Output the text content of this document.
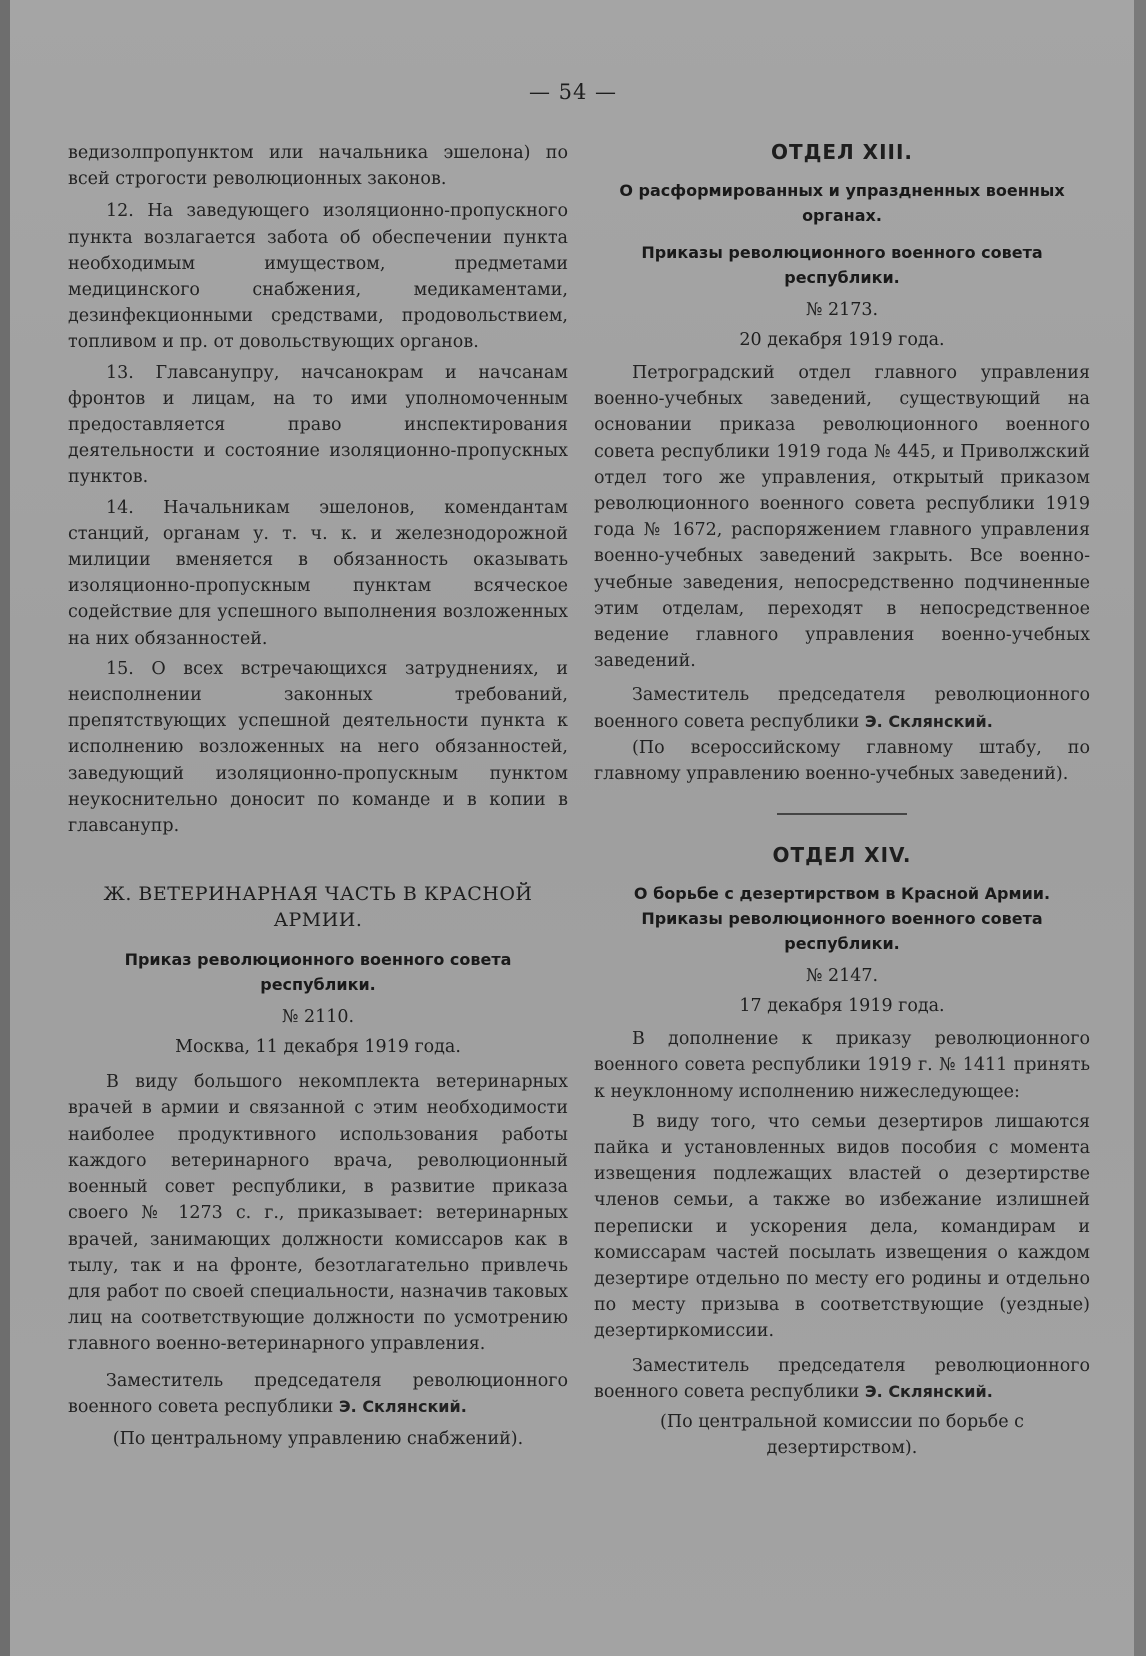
— 54 —

ведизолпропунктом или начальника эшелона) по всей строгости революционных законов.

12. На заведующего изоляционно-пропускного пункта возлагается забота об обеспечении пункта необходимым имуществом, предметами медицинского снабжения, медикаментами, дезинфекционными средствами, продовольствием, топливом и пр. от довольствующих органов.

13. Главсанупру, начсанокрам и начсанам фронтов и лицам, на то ими уполномоченным предоставляется право инспектирования деятельности и состояние изоляционно-пропускных пунктов.

14. Начальникам эшелонов, комендантам станций, органам у. т. ч. к. и железнодорожной милиции вменяется в обязанность оказывать изоляционно-пропускным пунктам всяческое содействие для успешного выполнения возложенных на них обязанностей.

15. О всех встречающихся затруднениях, и неисполнении законных требований, препятствующих успешной деятельности пункта к исполнению возложенных на него обязанностей, заведующий изоляционно-пропускным пунктом неукоснительно доносит по команде и в копии в главсанупр.

Ж. ВЕТЕРИНАРНАЯ ЧАСТЬ В КРАСНОЙ АРМИИ.
Приказ революционного военного совета республики.
№ 2110.
Москва, 11 декабря 1919 года.

В виду большого некомплекта ветеринарных врачей в армии и связанной с этим необходимости наиболее продуктивного использования работы каждого ветеринарного врача, революционный военный совет республики, в развитие приказа своего № 1273 с. г., приказывает: ветеринарных врачей, занимающих должности комиссаров как в тылу, так и на фронте, безотлагательно привлечь для работ по своей специальности, назначив таковых лиц на соответствующие должности по усмотрению главного военно-ветеринарного управления.

Заместитель председателя революционного военного совета республики Э. Склянский.

(По центральному управлению снабжений).

ОТДЕЛ XIII.
О расформированных и упраздненных военных органах.
Приказы революционного военного совета республики.
№ 2173.
20 декабря 1919 года.

Петроградский отдел главного управления военно-учебных заведений, существующий на основании приказа революционного военного совета республики 1919 года № 445, и Приволжский отдел того же управления, открытый приказом революционного военного совета республики 1919 года № 1672, распоряжением главного управления военно-учебных заведений закрыть. Все военно-учебные заведения, непосредственно подчиненные этим отделам, переходят в непосредственное ведение главного управления военно-учебных заведений.

Заместитель председателя революционного военного совета республики Э. Склянский.

(По всероссийскому главному штабу, по главному управлению военно-учебных заведений).

ОТДЕЛ XIV.
О борьбе с дезертирством в Красной Армии. Приказы революционного военного совета республики.
№ 2147.
17 декабря 1919 года.

В дополнение к приказу революционного военного совета республики 1919 г. № 1411 принять к неуклонному исполнению нижеследующее:

В виду того, что семьи дезертиров лишаются пайка и установленных видов пособия с момента извещения подлежащих властей о дезертирстве членов семьи, а также во избежание излишней переписки и ускорения дела, командирам и комиссарам частей посылать извещения о каждом дезертире отдельно по месту его родины и отдельно по месту призыва в соответствующие (уездные) дезертиркомиссии.

Заместитель председателя революционного военного совета республики Э. Склянский.

(По центральной комиссии по борьбе с дезертирством).
